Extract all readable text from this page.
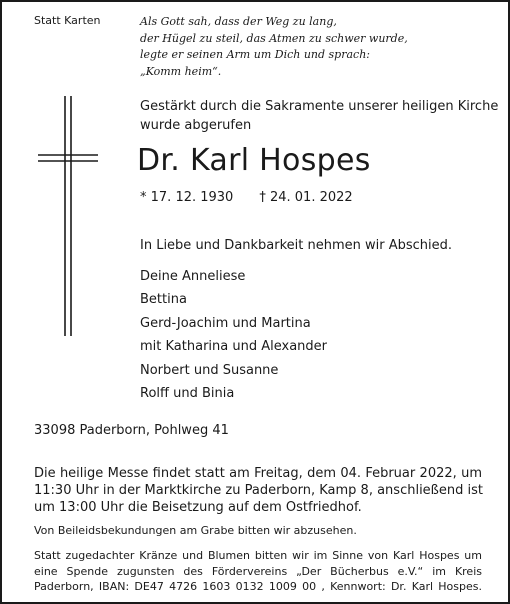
Statt Karten	Als Gott sah, dass der Weg zu lang,
der Hügel zu steil, das Atmen zu schwer wurde,
legte er seinen Arm um Dich und sprach:
„Komm heim“.
Gestärkt durch die Sakramente unserer heiligen Kirche
wurde abgerufen
Dr. Karl Hospes
* 17. 12. 1930 † 24. 01. 2022
In Liebe und Dankbarkeit nehmen wir Abschied.
Deine Anneliese
Bettina
Gerd-Joachim und Martina
mit Katharina und Alexander
Norbert und Susanne
Rolff und Binia
33098 Paderborn, Pohlweg 41
Die heilige Messe findet statt am Freitag, dem 04. Februar 2022, um
11:30 Uhr in der Marktkirche zu Paderborn, Kamp 8, anschließend ist
um 13:00 Uhr die Beisetzung auf dem Ostfriedhof.
Von Beileidsbekundungen am Grabe bitten wir abzusehen.
Statt zugedachter Kränze und Blumen bitten wir im Sinne von Karl Hospes um
eine Spende zugunsten des Fördervereins „Der Bücherbus e.V.“ im Kreis
Paderborn, IBAN: DE47 4726 1603 0132 1009 00 , Kennwort: Dr. Karl Hospes.
